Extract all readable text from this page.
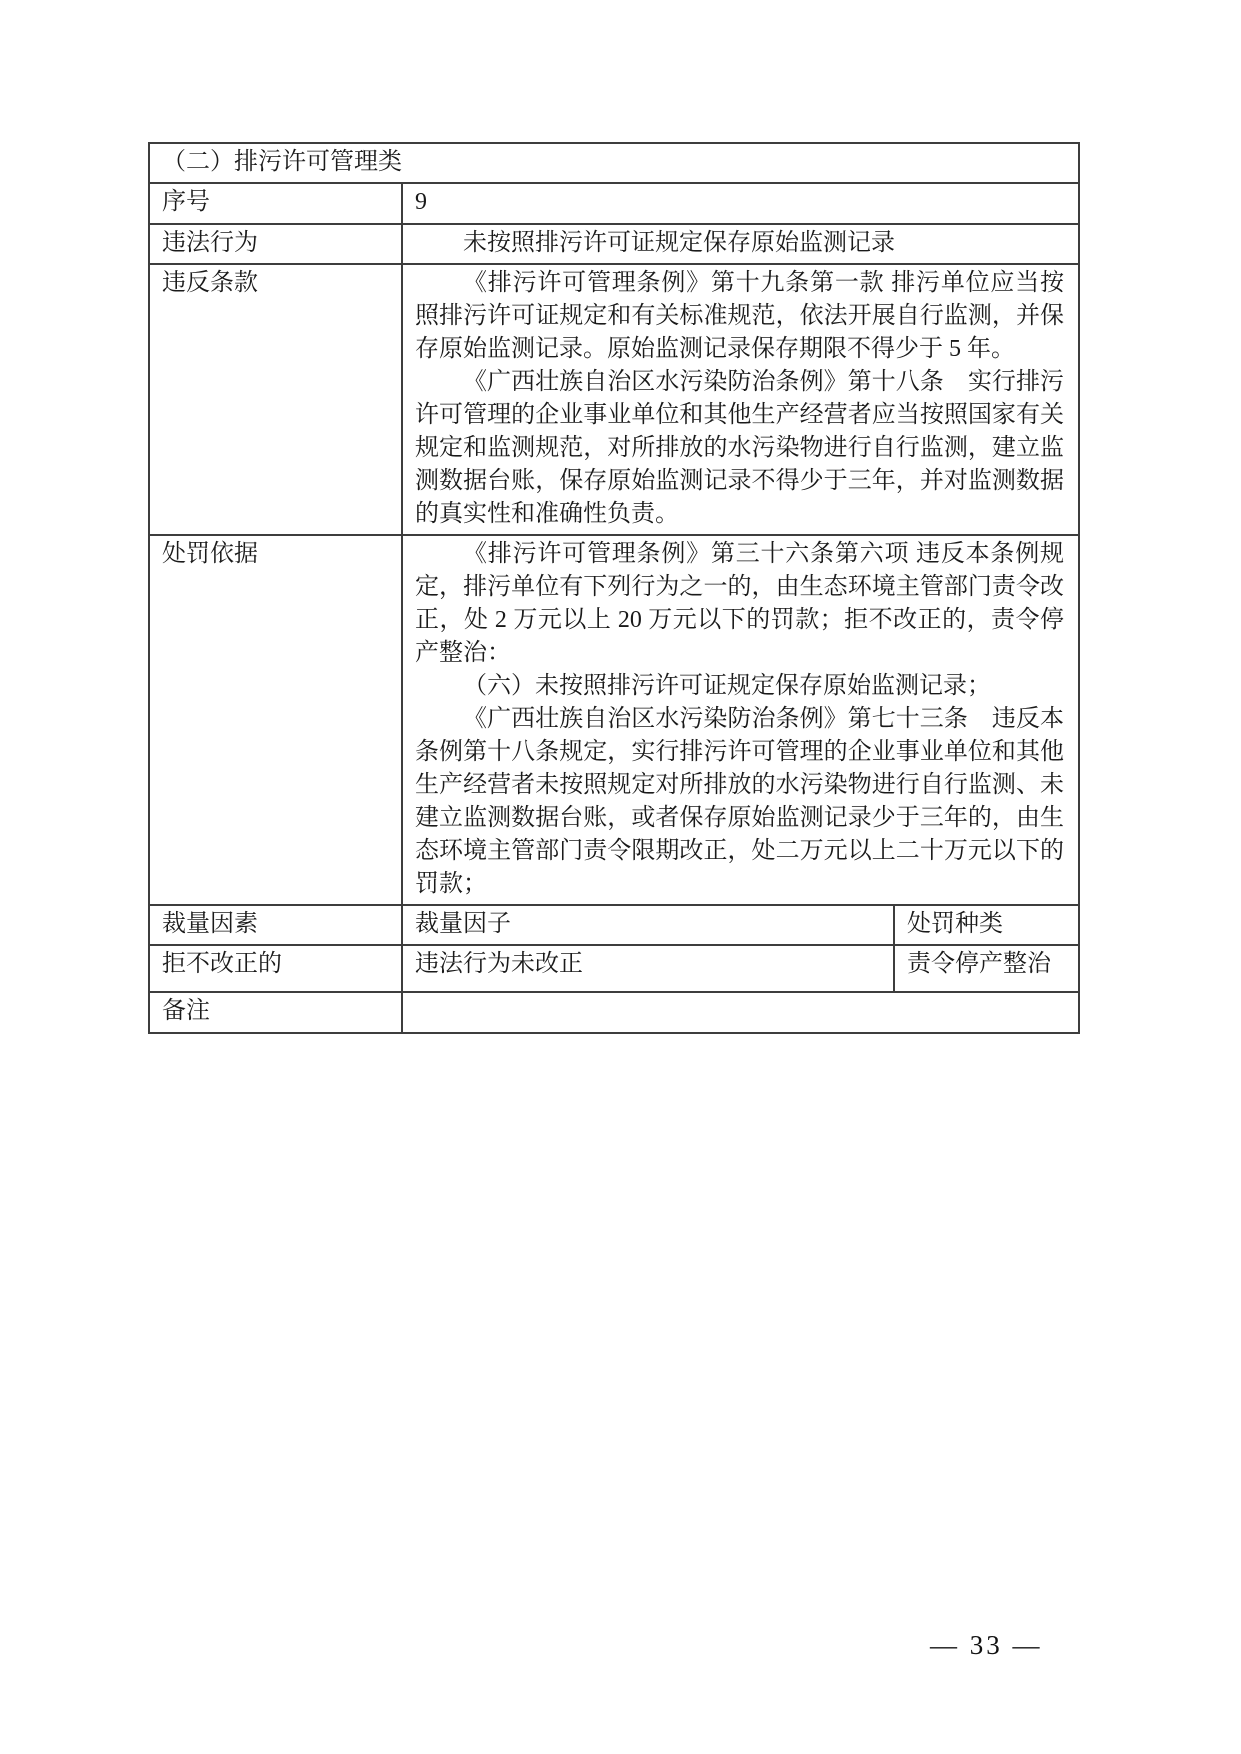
（二）排污许可管理类		
序号	9	
违法行为	未按照排污许可证规定保存原始监测记录	
违反条款	《排污许可管理条例》第十九条第一款 排污单位应当按照排污许可证规定和有关标准规范，依法开展自行监测，并保存原始监测记录。原始监测记录保存期限不得少于 5 年。

《广西壮族自治区水污染防治条例》第十八条　实行排污许可管理的企业事业单位和其他生产经营者应当按照国家有关规定和监测规范，对所排放的水污染物进行自行监测，建立监测数据台账，保存原始监测记录不得少于三年，并对监测数据的真实性和准确性负责。	

处罚依据	《排污许可管理条例》第三十六条第六项 违反本条例规定，排污单位有下列行为之一的，由生态环境主管部门责令改正，处 2 万元以上 20 万元以下的罚款；拒不改正的，责令停产整治：

（六）未按照排污许可证规定保存原始监测记录；

《广西壮族自治区水污染防治条例》第七十三条　违反本条例第十八条规定，实行排污许可管理的企业事业单位和其他生产经营者未按照规定对所排放的水污染物进行自行监测、未建立监测数据台账，或者保存原始监测记录少于三年的，由生态环境主管部门责令限期改正，处二万元以上二十万元以下的罚款；	

裁量因素	裁量因子	处罚种类
拒不改正的	违法行为未改正	责令停产整治
备注		
— 33 —
